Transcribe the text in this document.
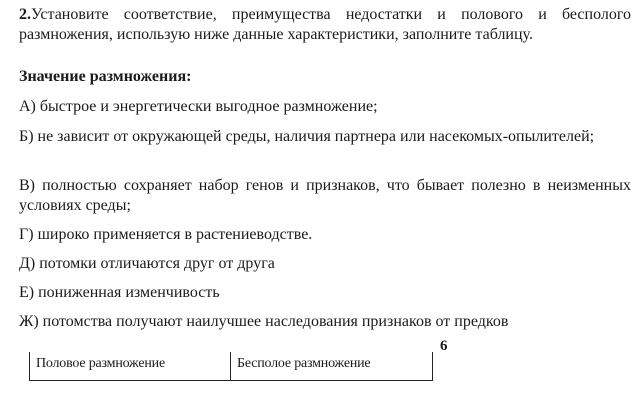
2.Установите соответствие, преимущества недостатки и полового и бесполого размножения, использую ниже данные характеристики, заполните таблицу.

Значение размножения:

А) быстрое и энергетически выгодное размножение;

Б) не зависит от окружающей среды, наличия партнера или насекомых-опылителей;

В) полностью сохраняет набор генов и признаков, что бывает полезно в неизменных условиях среды;

Г) широко применяется в растениеводстве.

Д) потомки отличаются друг от друга

Е) пониженная изменчивость

Ж) потомства получают наилучшее наследования признаков от предков

6
Половое размножение	Бесполое размножение
